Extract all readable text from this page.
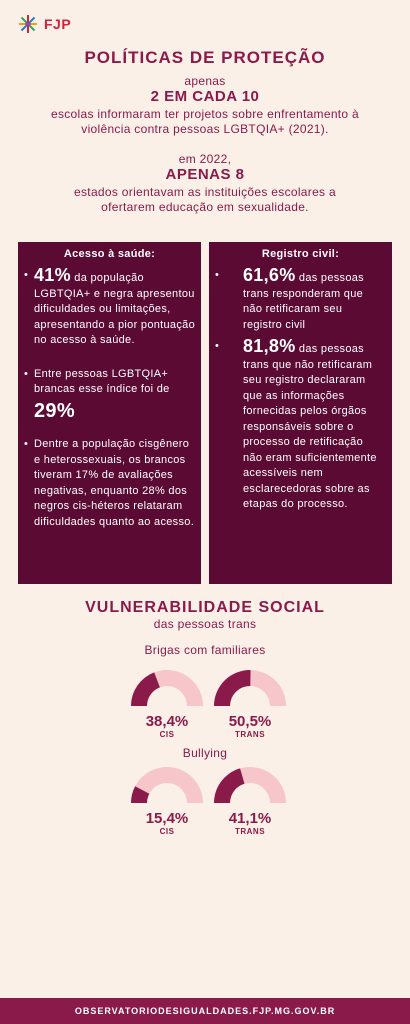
FJP
POLÍTICAS DE PROTEÇÃO
apenas
2 EM CADA 10
escolas informaram ter projetos sobre enfrentamento à
violência contra pessoas LGBTQIA+ (2021).
em 2022,
APENAS 8
estados orientavam as instituições escolares a
ofertarem educação em sexualidade.
Acesso à saúde:
• 41% da população LGBTQIA+ e negra apresentou dificuldades ou limitações, apresentando a pior pontuação no acesso à saúde.
• Entre pessoas LGBTQIA+ brancas esse índice foi de
29%
• Dentre a população cisgênero e heterossexuais, os brancos tiveram 17% de avaliações negativas, enquanto 28% dos negros cis-héteros relataram dificuldades quanto ao acesso.
Registro civil:
• 61,6% das pessoas trans responderam que não retificaram seu registro civil
• 81,8% das pessoas trans que não retificaram seu registro declararam que as informações fornecidas pelos órgãos responsáveis sobre o processo de retificação não eram suficientemente acessíveis nem esclarecedoras sobre as etapas do processo.
VULNERABILIDADE SOCIAL
das pessoas trans
Brigas com familiares
Bullying
38,4%
CIS
50,5%
TRANS
15,4%
CIS
41,1%
TRANS
OBSERVATORIODESIGUALDADES.FJP.MG.GOV.BR
